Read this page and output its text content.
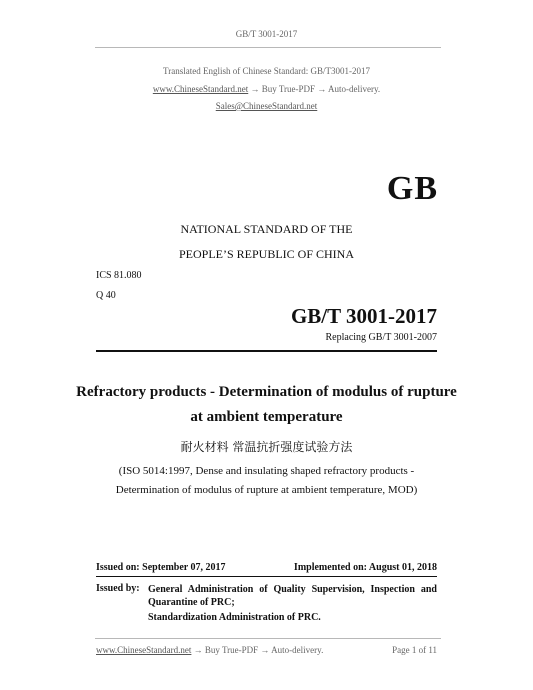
GB/T 3001-2017
Translated English of Chinese Standard: GB/T3001-2017
www.ChineseStandard.net → Buy True-PDF → Auto-delivery.
Sales@ChineseStandard.net
GB
NATIONAL STANDARD OF THE
PEOPLE’S REPUBLIC OF CHINA
ICS 81.080
Q 40
GB/T 3001-2017
Replacing GB/T 3001-2007
Refractory products - Determination of modulus of rupture
at ambient temperature
耐火材料 常温抗折强度试验方法
(ISO 5014:1997, Dense and insulating shaped refractory products -
Determination of modulus of rupture at ambient temperature, MOD)
Issued on: September 07, 2017	Implemented on: August 01, 2018
Issued by: General Administration of Quality Supervision, Inspection and Quarantine of PRC;
Standardization Administration of PRC.
www.ChineseStandard.net → Buy True-PDF → Auto-delivery.	Page 1 of 11
